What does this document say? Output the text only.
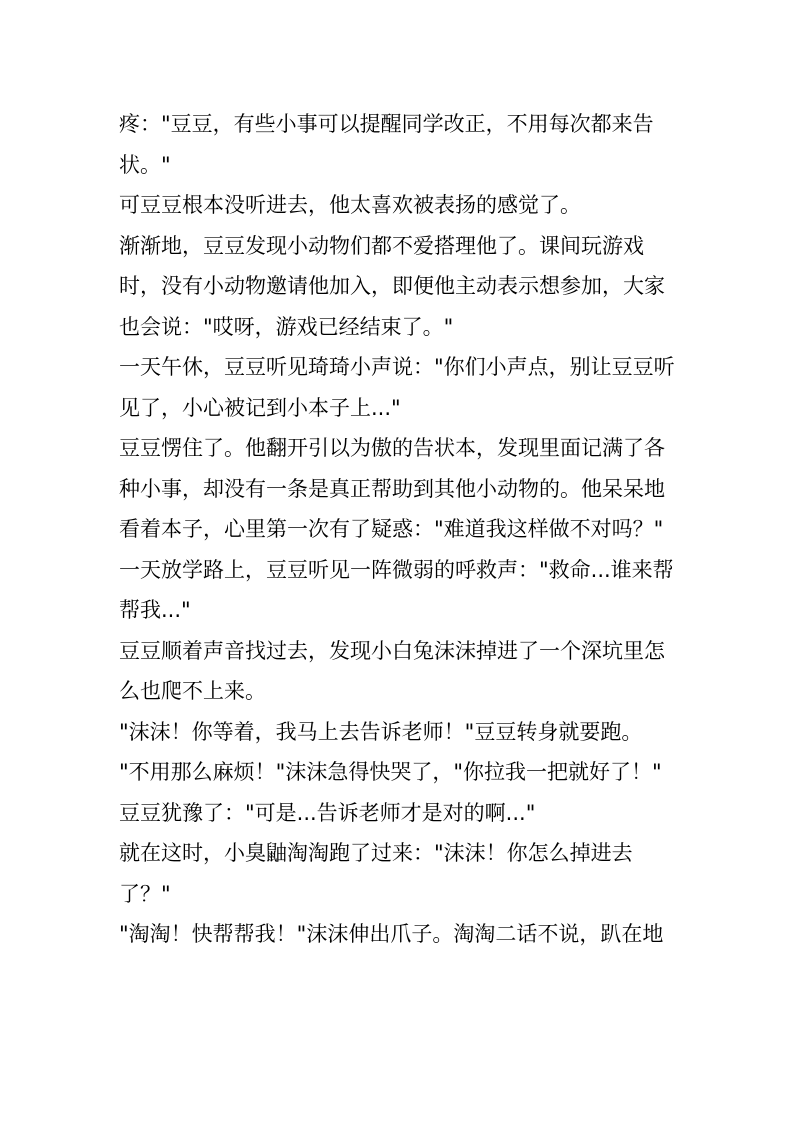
疼："豆豆，有些小事可以提醒同学改正，不用每次都来告状。"

可豆豆根本没听进去，他太喜欢被表扬的感觉了。

渐渐地，豆豆发现小动物们都不爱搭理他了。课间玩游戏时，没有小动物邀请他加入，即便他主动表示想参加，大家也会说："哎呀，游戏已经结束了。"

一天午休，豆豆听见琦琦小声说："你们小声点，别让豆豆听见了，小心被记到小本子上..."

豆豆愣住了。他翻开引以为傲的告状本，发现里面记满了各种小事，却没有一条是真正帮助到其他小动物的。他呆呆地看着本子，心里第一次有了疑惑："难道我这样做不对吗？"

一天放学路上，豆豆听见一阵微弱的呼救声："救命...谁来帮帮我..."

豆豆顺着声音找过去，发现小白兔沫沫掉进了一个深坑里怎么也爬不上来。

"沫沫！你等着，我马上去告诉老师！"豆豆转身就要跑。

"不用那么麻烦！"沫沫急得快哭了，"你拉我一把就好了！"

豆豆犹豫了："可是...告诉老师才是对的啊..."

就在这时，小臭鼬淘淘跑了过来："沫沫！你怎么掉进去了？"

"淘淘！快帮帮我！"沫沫伸出爪子。淘淘二话不说，趴在地
